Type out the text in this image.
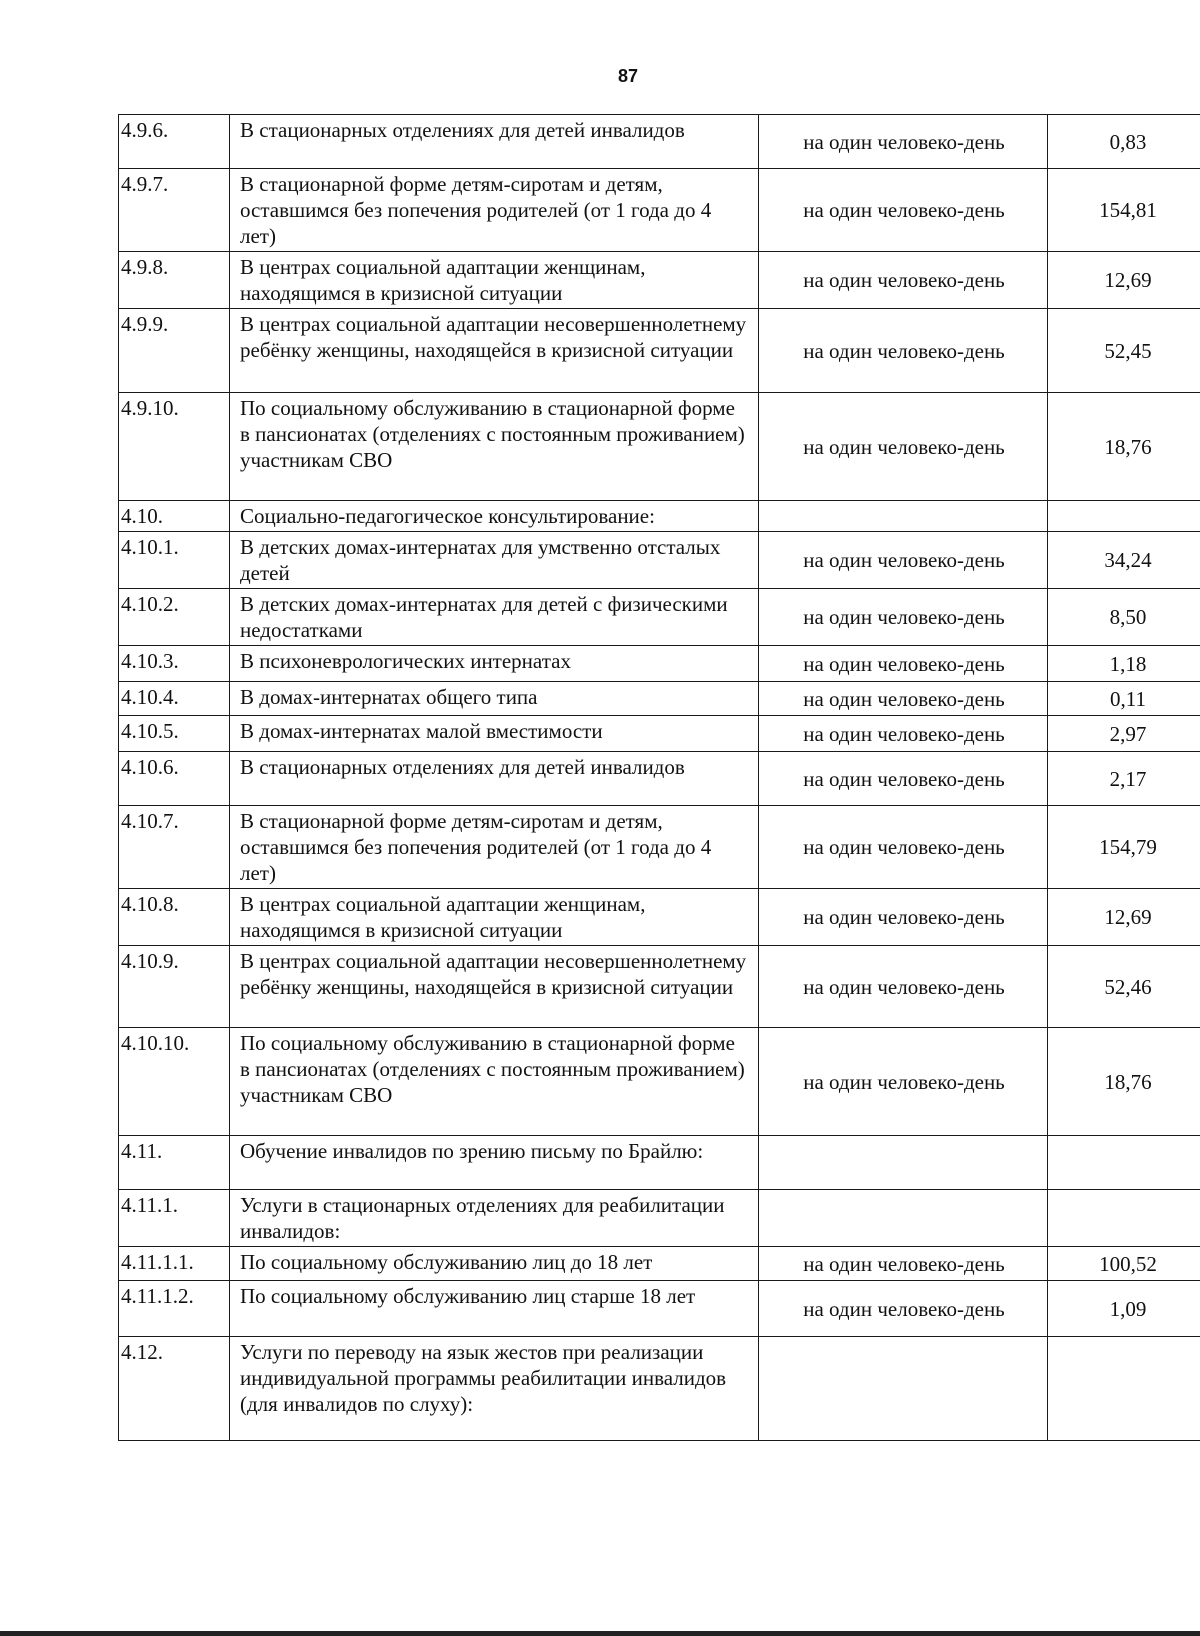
87
4.9.6.	В стационарных отделениях для детей инвалидов	на один человеко-день	0,83
4.9.7.	В стационарной форме детям-сиротам и детям, оставшимся без попечения родителей (от 1 года до 4 лет)	на один человеко-день	154,81
4.9.8.	В центрах социальной адаптации женщинам, находящимся в кризисной ситуации	на один человеко-день	12,69
4.9.9.	В центрах социальной адаптации несовершеннолетнему ребёнку женщины, находящейся в кризисной ситуации	на один человеко-день	52,45
4.9.10.	По социальному обслуживанию в стационарной форме в пансионатах (отделениях с постоянным проживанием) участникам СВО	на один человеко-день	18,76
4.10.	Социально-педагогическое консультирование:		
4.10.1.	В детских домах-интернатах для умственно отсталых детей	на один человеко-день	34,24
4.10.2.	В детских домах-интернатах для детей с физическими недостатками	на один человеко-день	8,50
4.10.3.	В психоневрологических интернатах	на один человеко-день	1,18
4.10.4.	В домах-интернатах общего типа	на один человеко-день	0,11
4.10.5.	В домах-интернатах малой вместимости	на один человеко-день	2,97
4.10.6.	В стационарных отделениях для детей инвалидов	на один человеко-день	2,17
4.10.7.	В стационарной форме детям-сиротам и детям, оставшимся без попечения родителей (от 1 года до 4 лет)	на один человеко-день	154,79
4.10.8.	В центрах социальной адаптации женщинам, находящимся в кризисной ситуации	на один человеко-день	12,69
4.10.9.	В центрах социальной адаптации несовершеннолетнему ребёнку женщины, находящейся в кризисной ситуации	на один человеко-день	52,46
4.10.10.	По социальному обслуживанию в стационарной форме в пансионатах (отделениях с постоянным проживанием) участникам СВО	на один человеко-день	18,76
4.11.	Обучение инвалидов по зрению письму по Брайлю:		
4.11.1.	Услуги в стационарных отделениях для реабилитации инвалидов:		
4.11.1.1.	По социальному обслуживанию лиц до 18 лет	на один человеко-день	100,52
4.11.1.2.	По социальному обслуживанию лиц старше 18 лет	на один человеко-день	1,09
4.12.	Услуги по переводу на язык жестов при реализации индивидуальной программы реабилитации инвалидов (для инвалидов по слуху):		
